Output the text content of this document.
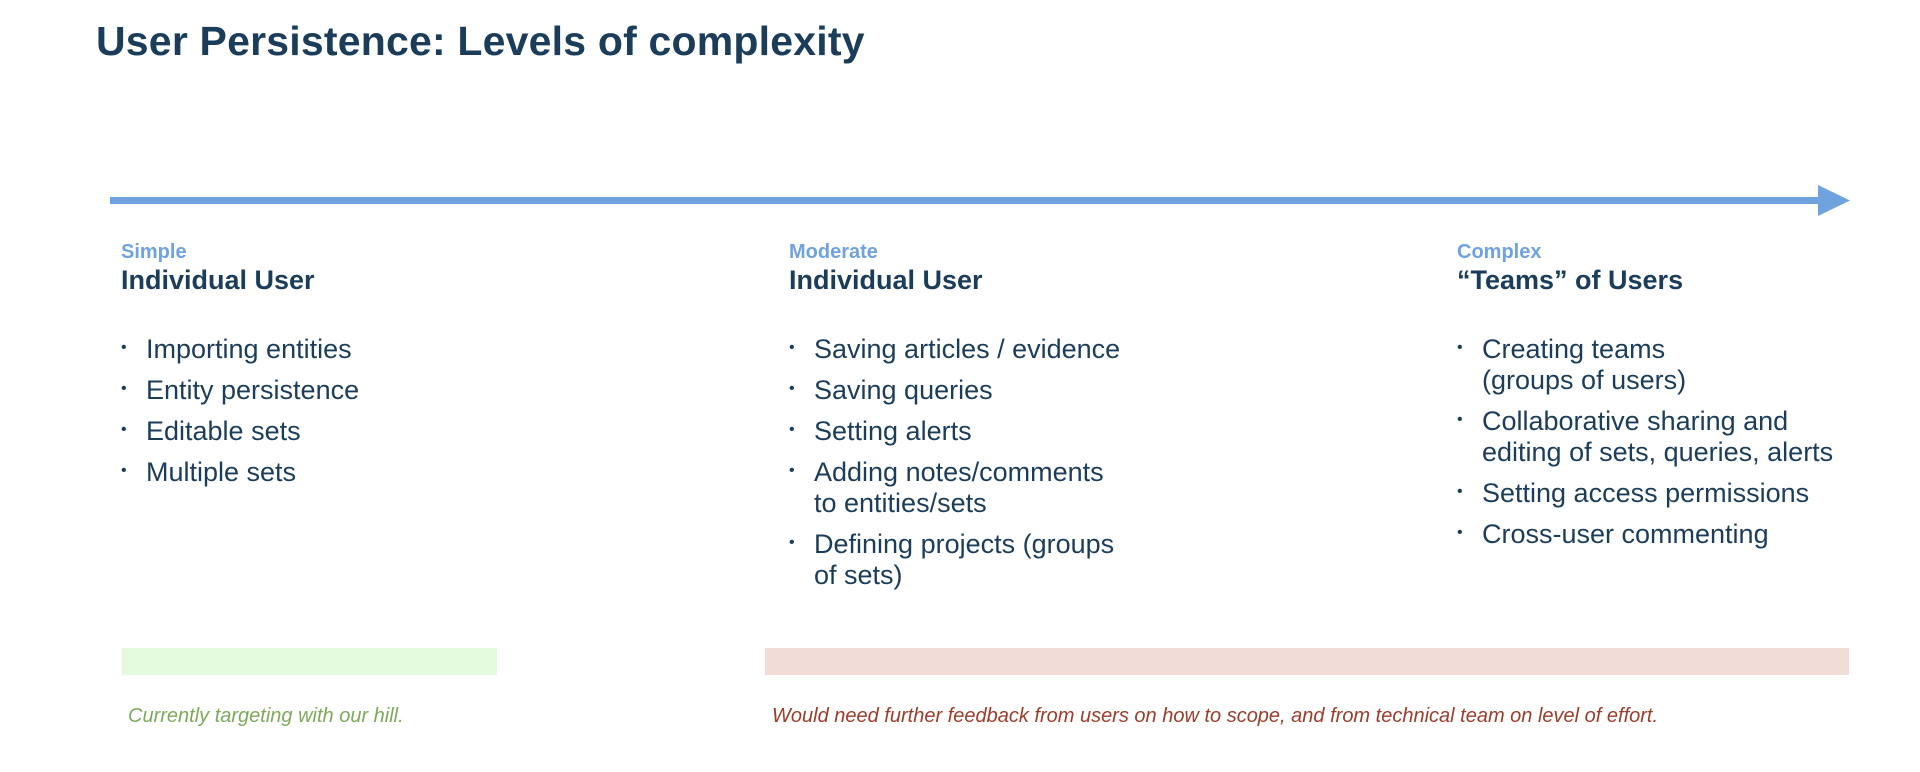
User Persistence: Levels of complexity
Simple
Individual User
• Importing entities
• Entity persistence
• Editable sets
• Multiple sets
Moderate
Individual User
• Saving articles / evidence
• Saving queries
• Setting alerts
• Adding notes/comments
to entities/sets
• Defining projects (groups
of sets)
Complex
“Teams” of Users
• Creating teams
(groups of users)
• Collaborative sharing and
editing of sets, queries, alerts
• Setting access permissions
• Cross-user commenting
Currently targeting with our hill.	Would need further feedback from users on how to scope, and from technical team on level of effort.
